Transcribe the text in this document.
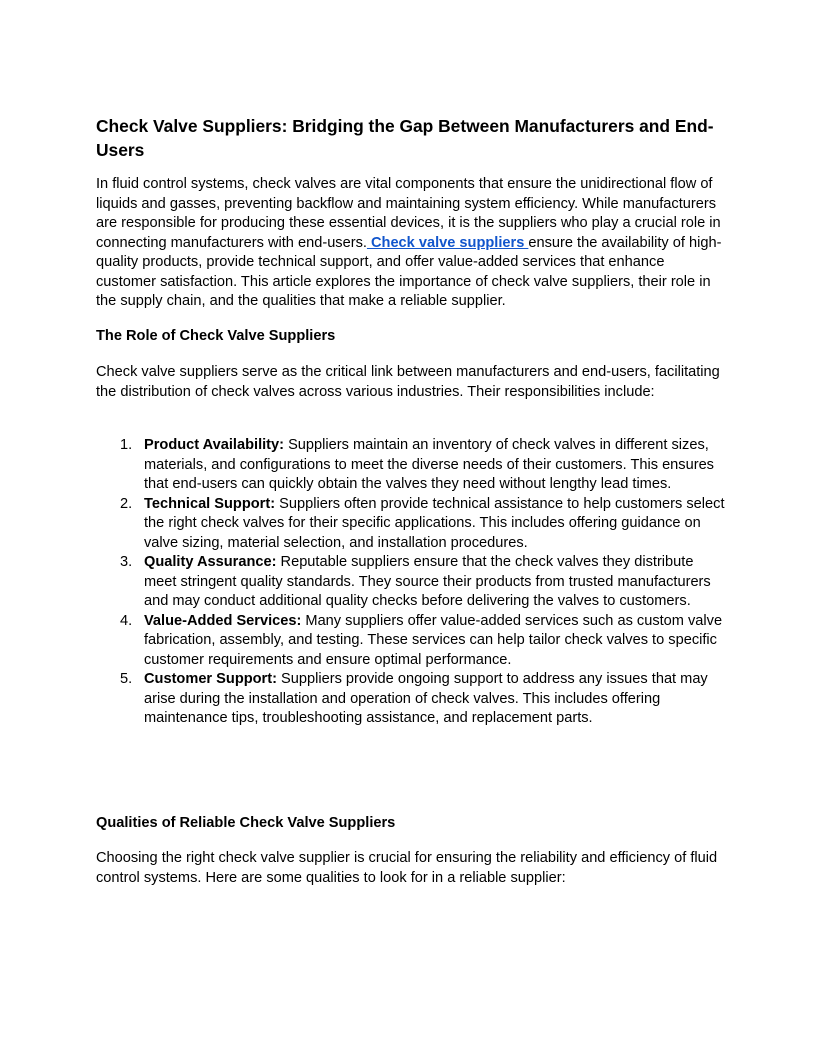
Check Valve Suppliers: Bridging the Gap Between Manufacturers and End-Users

In fluid control systems, check valves are vital components that ensure the unidirectional flow of liquids and gasses, preventing backflow and maintaining system efficiency. While manufacturers are responsible for producing these essential devices, it is the suppliers who play a crucial role in connecting manufacturers with end-users. Check valve suppliers ensure the availability of high-quality products, provide technical support, and offer value-added services that enhance customer satisfaction. This article explores the importance of check valve suppliers, their role in the supply chain, and the qualities that make a reliable supplier.

The Role of Check Valve Suppliers

Check valve suppliers serve as the critical link between manufacturers and end-users, facilitating the distribution of check valves across various industries. Their responsibilities include:

1. Product Availability: Suppliers maintain an inventory of check valves in different sizes, materials, and configurations to meet the diverse needs of their customers. This ensures that end-users can quickly obtain the valves they need without lengthy lead times.
2. Technical Support: Suppliers often provide technical assistance to help customers select the right check valves for their specific applications. This includes offering guidance on valve sizing, material selection, and installation procedures.
3. Quality Assurance: Reputable suppliers ensure that the check valves they distribute meet stringent quality standards. They source their products from trusted manufacturers and may conduct additional quality checks before delivering the valves to customers.
4. Value-Added Services: Many suppliers offer value-added services such as custom valve fabrication, assembly, and testing. These services can help tailor check valves to specific customer requirements and ensure optimal performance.
5. Customer Support: Suppliers provide ongoing support to address any issues that may arise during the installation and operation of check valves. This includes offering maintenance tips, troubleshooting assistance, and replacement parts.
Qualities of Reliable Check Valve Suppliers

Choosing the right check valve supplier is crucial for ensuring the reliability and efficiency of fluid control systems. Here are some qualities to look for in a reliable supplier:
